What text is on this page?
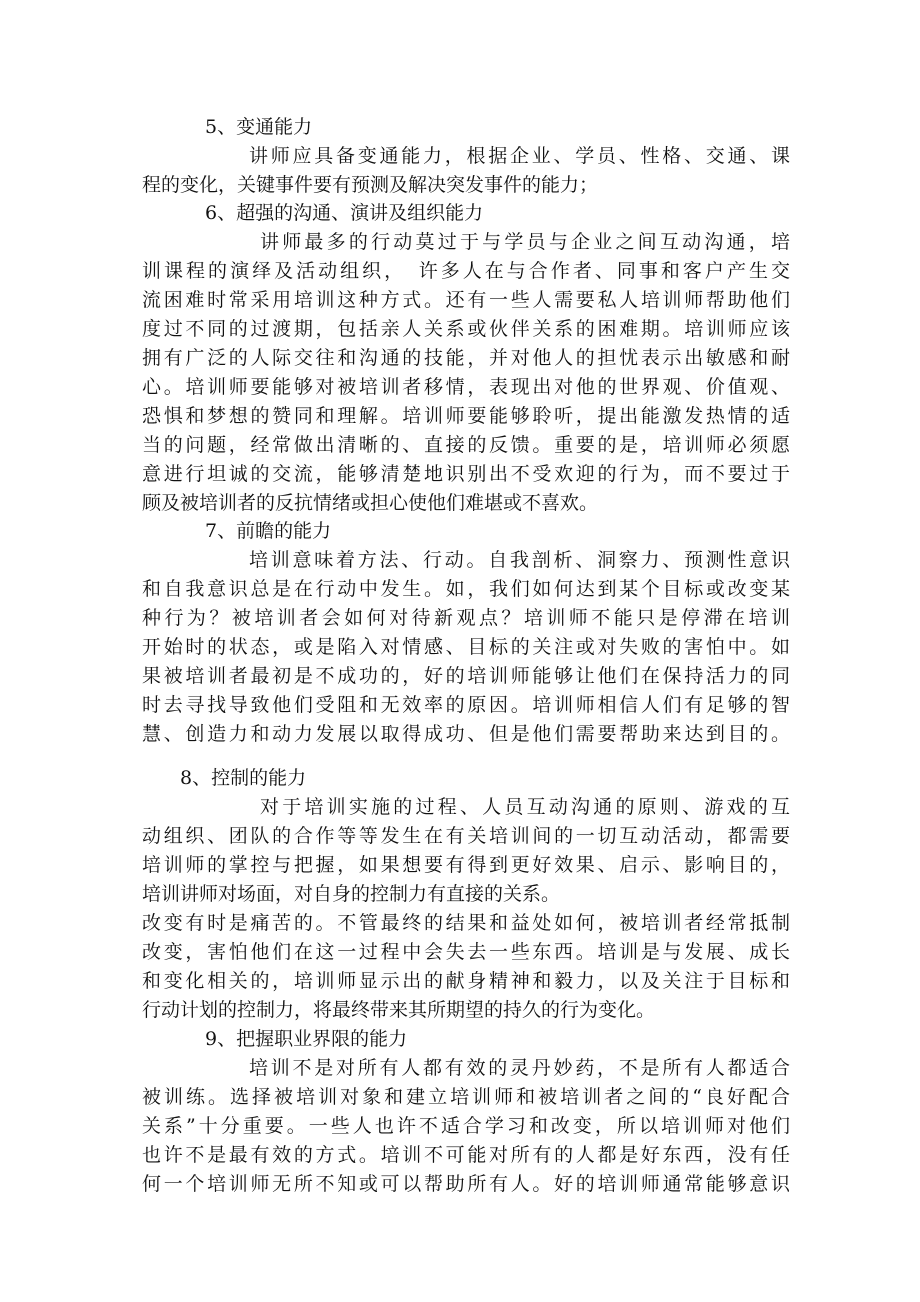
5、变通能力
讲师应具备变通能力，根据企业、学员、性格、交通、课
程的变化，关键事件要有预测及解决突发事件的能力；
6、超强的沟通、演讲及组织能力
讲师最多的行动莫过于与学员与企业之间互动沟通，培
训课程的演绎及活动组织，　许多人在与合作者、同事和客户产生交
流困难时常采用培训这种方式。还有一些人需要私人培训师帮助他们
度过不同的过渡期，包括亲人关系或伙伴关系的困难期。培训师应该
拥有广泛的人际交往和沟通的技能，并对他人的担忧表示出敏感和耐
心。培训师要能够对被培训者移情，表现出对他的世界观、价值观、
恐惧和梦想的赞同和理解。培训师要能够聆听，提出能激发热情的适
当的问题，经常做出清晰的、直接的反馈。重要的是，培训师必须愿
意进行坦诚的交流，能够清楚地识别出不受欢迎的行为，而不要过于
顾及被培训者的反抗情绪或担心使他们难堪或不喜欢。
7、前瞻的能力
培训意味着方法、行动。自我剖析、洞察力、预测性意识
和自我意识总是在行动中发生。如，我们如何达到某个目标或改变某
种行为？被培训者会如何对待新观点？培训师不能只是停滞在培训
开始时的状态，或是陷入对情感、目标的关注或对失败的害怕中。如
果被培训者最初是不成功的，好的培训师能够让他们在保持活力的同
时去寻找导致他们受阻和无效率的原因。培训师相信人们有足够的智
慧、创造力和动力发展以取得成功、但是他们需要帮助来达到目的。
8、控制的能力
对于培训实施的过程、人员互动沟通的原则、游戏的互
动组织、团队的合作等等发生在有关培训间的一切互动活动，都需要
培训师的掌控与把握，如果想要有得到更好效果、启示、影响目的，
培训讲师对场面，对自身的控制力有直接的关系。
改变有时是痛苦的。不管最终的结果和益处如何，被培训者经常抵制
改变，害怕他们在这一过程中会失去一些东西。培训是与发展、成长
和变化相关的，培训师显示出的献身精神和毅力，以及关注于目标和
行动计划的控制力，将最终带来其所期望的持久的行为变化。
9、把握职业界限的能力
培训不是对所有人都有效的灵丹妙药，不是所有人都适合
被训练。选择被培训对象和建立培训师和被培训者之间的“良好配合
关系”十分重要。一些人也许不适合学习和改变，所以培训师对他们
也许不是最有效的方式。培训不可能对所有的人都是好东西，没有任
何一个培训师无所不知或可以帮助所有人。好的培训师通常能够意识
